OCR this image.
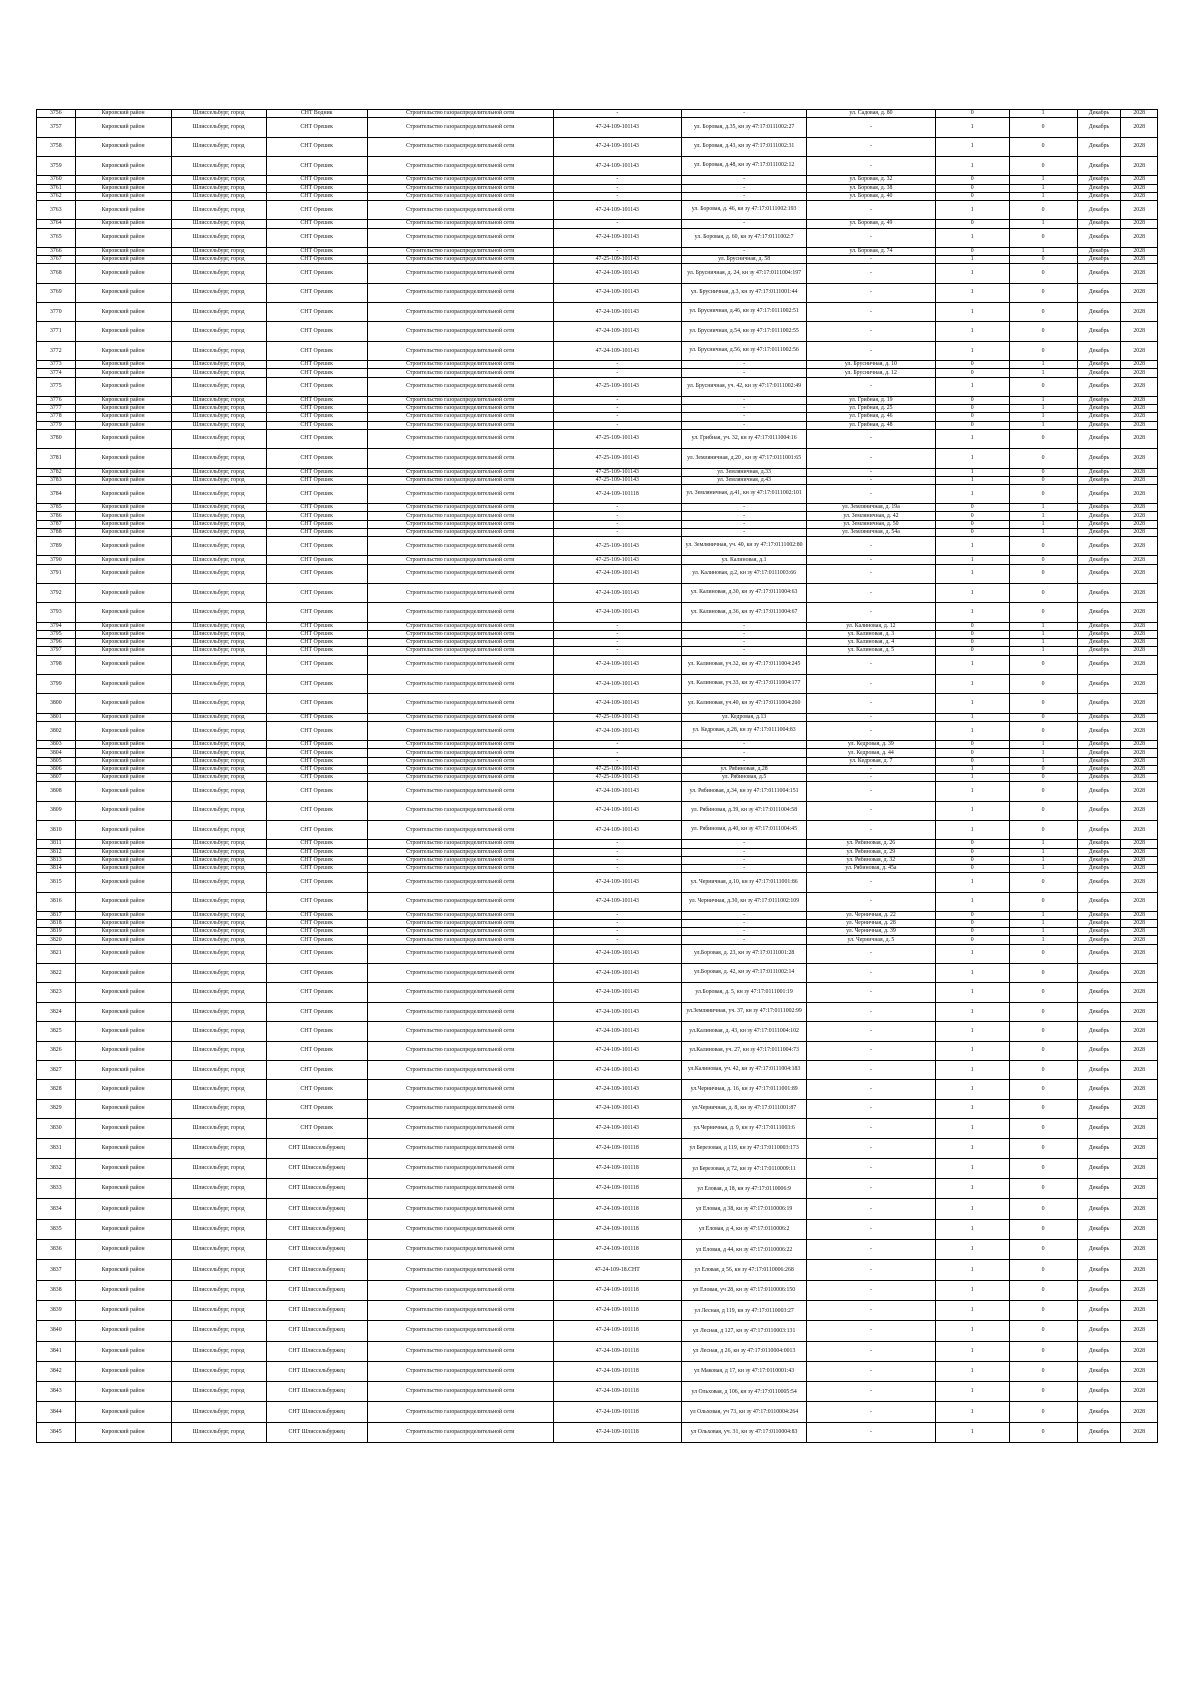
3756	Кировский район	Шлиссельбург, город	СНТ Водник	Строительство газораспределительной сети	-	-	ул. Садовая, д. 80	0	1	Декабрь	2028
3757	Кировский район	Шлиссельбург, город	СНТ Орешек	Строительство газораспределительной сети	47-24-109-101143	ул. Боровая, д.35, кн зу 47:17:0111002:27	-	1	0	Декабрь	2028
3758	Кировский район	Шлиссельбург, город	СНТ Орешек	Строительство газораспределительной сети	47-24-109-101143	ул. Боровая, д.43, кн зу 47:17:0111002:31	-	1	0	Декабрь	2028
3759	Кировский район	Шлиссельбург, город	СНТ Орешек	Строительство газораспределительной сети	47-24-109-101143	ул. Боровая, д.48, кн зу 47:17:0111002:12	-	1	0	Декабрь	2028
3760	Кировский район	Шлиссельбург, город	СНТ Орешек	Строительство газораспределительной сети	-	-	ул. Боровая, д. 32	0	1	Декабрь	2028
3761	Кировский район	Шлиссельбург, город	СНТ Орешек	Строительство газораспределительной сети	-	-	ул. Боровая, д. 38	0	1	Декабрь	2028
3762	Кировский район	Шлиссельбург, город	СНТ Орешек	Строительство газораспределительной сети	-	-	ул. Боровая, д. 40	0	1	Декабрь	2028
3763	Кировский район	Шлиссельбург, город	СНТ Орешек	Строительство газораспределительной сети	47-24-109-101143	ул. Боровая, д. 46, кн зу 47:17:0111002:193	-	1	0	Декабрь	2028
3764	Кировский район	Шлиссельбург, город	СНТ Орешек	Строительство газораспределительной сети	-	-	ул. Боровая, д. 49	0	1	Декабрь	2028
3765	Кировский район	Шлиссельбург, город	СНТ Орешек	Строительство газораспределительной сети	47-24-109-101143	ул. Боровая, д. 60, кн зу 47:17:0111002:7	-	1	0	Декабрь	2028
3766	Кировский район	Шлиссельбург, город	СНТ Орешек	Строительство газораспределительной сети	-	-	ул. Боровая, д. 74	0	1	Декабрь	2028
3767	Кировский район	Шлиссельбург, город	СНТ Орешек	Строительство газораспределительной сети	47-25-109-101143	ул. Брусничная, д. 58	-	1	0	Декабрь	2028
3768	Кировский район	Шлиссельбург, город	СНТ Орешек	Строительство газораспределительной сети	47-24-109-101143	ул. Брусничная, д. 24, кн зу 47:17:0111004:197	-	1	0	Декабрь	2028
3769	Кировский район	Шлиссельбург, город	СНТ Орешек	Строительство газораспределительной сети	47-24-109-101143	ул. Брусничная, д.3, кн зу 47:17:0111001:44	-	1	0	Декабрь	2028
3770	Кировский район	Шлиссельбург, город	СНТ Орешек	Строительство газораспределительной сети	47-24-109-101143	ул. Брусничная, д.46, кн зу 47:17:0111002:51	-	1	0	Декабрь	2028
3771	Кировский район	Шлиссельбург, город	СНТ Орешек	Строительство газораспределительной сети	47-24-109-101143	ул. Брусничная, д.54, кн зу 47:17:0111002:55	-	1	0	Декабрь	2028
3772	Кировский район	Шлиссельбург, город	СНТ Орешек	Строительство газораспределительной сети	47-24-109-101143	ул. Брусничная, д.56, кн зу 47:17:0111002:56	-	1	0	Декабрь	2028
3773	Кировский район	Шлиссельбург, город	СНТ Орешек	Строительство газораспределительной сети	-	-	ул. Брусничная, д. 10	0	1	Декабрь	2028
3774	Кировский район	Шлиссельбург, город	СНТ Орешек	Строительство газораспределительной сети	-	-	ул. Брусничная, д. 12	0	1	Декабрь	2028
3775	Кировский район	Шлиссельбург, город	СНТ Орешек	Строительство газораспределительной сети	47-25-109-101143	ул. Брусничная, уч. 42, кн зу 47:17:0111002:49	-	1	0	Декабрь	2028
3776	Кировский район	Шлиссельбург, город	СНТ Орешек	Строительство газораспределительной сети	-	-	ул. Грибная, д. 19	0	1	Декабрь	2028
3777	Кировский район	Шлиссельбург, город	СНТ Орешек	Строительство газораспределительной сети	-	-	ул. Грибная, д. 25	0	1	Декабрь	2028
3778	Кировский район	Шлиссельбург, город	СНТ Орешек	Строительство газораспределительной сети	-	-	ул. Грибная, д. 46	0	1	Декабрь	2028
3779	Кировский район	Шлиссельбург, город	СНТ Орешек	Строительство газораспределительной сети	-	-	ул. Грибная, д. 48	0	1	Декабрь	2028
3780	Кировский район	Шлиссельбург, город	СНТ Орешек	Строительство газораспределительной сети	47-25-109-101143	ул. Грибная, уч. 32, кн зу 47:17:0111004:16	-	1	0	Декабрь	2028
3781	Кировский район	Шлиссельбург, город	СНТ Орешек	Строительство газораспределительной сети	47-25-109-101143	ул. Земляничная, д.20 , кн зу 47:17:0111001:65	-	1	0	Декабрь	2028
3782	Кировский район	Шлиссельбург, город	СНТ Орешек	Строительство газораспределительной сети	47-25-109-101143	ул. Земляничная, д.33	-	1	0	Декабрь	2028
3783	Кировский район	Шлиссельбург, город	СНТ Орешек	Строительство газораспределительной сети	47-25-109-101143	ул. Земляничная, д.43	-	1	0	Декабрь	2028
3784	Кировский район	Шлиссельбург, город	СНТ Орешек	Строительство газораспределительной сети	47-24-109-101118	ул. Земляничная, д.41, кн зу 47:17:0111002:101	-	1	0	Декабрь	2028
3785	Кировский район	Шлиссельбург, город	СНТ Орешек	Строительство газораспределительной сети	-	-	ул. Земляничная, д. 19а	0	1	Декабрь	2028
3786	Кировский район	Шлиссельбург, город	СНТ Орешек	Строительство газораспределительной сети	-	-	ул. Земляничная, д. 42	0	1	Декабрь	2028
3787	Кировский район	Шлиссельбург, город	СНТ Орешек	Строительство газораспределительной сети	-	-	ул. Земляничная, д. 50	0	1	Декабрь	2028
3788	Кировский район	Шлиссельбург, город	СНТ Орешек	Строительство газораспределительной сети	-	-	ул. Земляничная, д. 54а	0	1	Декабрь	2028
3789	Кировский район	Шлиссельбург, город	СНТ Орешек	Строительство газораспределительной сети	47-25-109-101143	ул. Земляничная, уч. 40, кн зу 47:17:0111002:80	-	1	0	Декабрь	2028
3790	Кировский район	Шлиссельбург, город	СНТ Орешек	Строительство газораспределительной сети	47-25-109-101143	ул. Калиновая, д.1	-	1	0	Декабрь	2028
3791	Кировский район	Шлиссельбург, город	СНТ Орешек	Строительство газораспределительной сети	47-24-109-101143	ул. Калиновая, д.2, кн зу 47:17:0111003:66	-	1	0	Декабрь	2028
3792	Кировский район	Шлиссельбург, город	СНТ Орешек	Строительство газораспределительной сети	47-24-109-101143	ул. Калиновая, д.30, кн зу 47:17:0111004:63	-	1	0	Декабрь	2028
3793	Кировский район	Шлиссельбург, город	СНТ Орешек	Строительство газораспределительной сети	47-24-109-101143	ул. Калиновая, д.36, кн зу 47:17:0111004:67	-	1	0	Декабрь	2028
3794	Кировский район	Шлиссельбург, город	СНТ Орешек	Строительство газораспределительной сети	-	-	ул. Калиновая, д. 12	0	1	Декабрь	2028
3795	Кировский район	Шлиссельбург, город	СНТ Орешек	Строительство газораспределительной сети	-	-	ул. Калиновая, д. 3	0	1	Декабрь	2028
3796	Кировский район	Шлиссельбург, город	СНТ Орешек	Строительство газораспределительной сети	-	-	ул. Калиновая, д. 4	0	1	Декабрь	2028
3797	Кировский район	Шлиссельбург, город	СНТ Орешек	Строительство газораспределительной сети	-	-	ул. Калиновая, д. 5	0	1	Декабрь	2028
3798	Кировский район	Шлиссельбург, город	СНТ Орешек	Строительство газораспределительной сети	47-24-109-101143	ул. Калиновая, уч.32, кн зу 47:17:0111004:245	-	1	0	Декабрь	2028
3799	Кировский район	Шлиссельбург, город	СНТ Орешек	Строительство газораспределительной сети	47-24-109-101143	ул. Калиновая, уч.33, кн зу 47:17:0111004:177	-	1	0	Декабрь	2028
3800	Кировский район	Шлиссельбург, город	СНТ Орешек	Строительство газораспределительной сети	47-24-109-101143	ул. Калиновая, уч.40, кн зу 47:17:0111004:260	-	1	0	Декабрь	2028
3801	Кировский район	Шлиссельбург, город	СНТ Орешек	Строительство газораспределительной сети	47-25-109-101143	ул. Кедровая, д.13	-	1	0	Декабрь	2028
3802	Кировский район	Шлиссельбург, город	СНТ Орешек	Строительство газораспределительной сети	47-24-109-101143	ул. Кедровая, д.28, кн зу 47:17:0111004:83	-	1	0	Декабрь	2028
3803	Кировский район	Шлиссельбург, город	СНТ Орешек	Строительство газораспределительной сети	-	-	ул. Кедровая, д. 39	0	1	Декабрь	2028
3804	Кировский район	Шлиссельбург, город	СНТ Орешек	Строительство газораспределительной сети	-	-	ул. Кедровая, д. 44	0	1	Декабрь	2028
3805	Кировский район	Шлиссельбург, город	СНТ Орешек	Строительство газораспределительной сети	-	-	ул. Кедровая, д. 7	0	1	Декабрь	2028
3806	Кировский район	Шлиссельбург, город	СНТ Орешек	Строительство газораспределительной сети	47-25-109-101143	ул. Рябиновая, д.28	-	1	0	Декабрь	2028
3807	Кировский район	Шлиссельбург, город	СНТ Орешек	Строительство газораспределительной сети	47-25-109-101143	ул. Рябиновая, д.5	-	1	0	Декабрь	2028
3808	Кировский район	Шлиссельбург, город	СНТ Орешек	Строительство газораспределительной сети	47-24-109-101143	ул. Рябиновая, д.34, кн зу 47:17:0111004:151	-	1	0	Декабрь	2028
3809	Кировский район	Шлиссельбург, город	СНТ Орешек	Строительство газораспределительной сети	47-24-109-101143	ул. Рябиновая, д.39, кн зу 47:17:0111004:58	-	1	0	Декабрь	2028
3810	Кировский район	Шлиссельбург, город	СНТ Орешек	Строительство газораспределительной сети	47-24-109-101143	ул. Рябиновая, д.40, кн зу 47:17:0111004:45	-	1	0	Декабрь	2028
3811	Кировский район	Шлиссельбург, город	СНТ Орешек	Строительство газораспределительной сети	-	-	ул. Рябиновая, д. 26	0	1	Декабрь	2028
3812	Кировский район	Шлиссельбург, город	СНТ Орешек	Строительство газораспределительной сети	-	-	ул. Рябиновая, д. 29	0	1	Декабрь	2028
3813	Кировский район	Шлиссельбург, город	СНТ Орешек	Строительство газораспределительной сети	-	-	ул. Рябиновая, д. 32	0	1	Декабрь	2028
3814	Кировский район	Шлиссельбург, город	СНТ Орешек	Строительство газораспределительной сети	-	-	ул. Рябиновая, д. 45а	0	1	Декабрь	2028
3815	Кировский район	Шлиссельбург, город	СНТ Орешек	Строительство газораспределительной сети	47-24-109-101143	ул. Черничная, д.10, кн зу 47:17:0111001:86	-	1	0	Декабрь	2028
3816	Кировский район	Шлиссельбург, город	СНТ Орешек	Строительство газораспределительной сети	47-24-109-101143	ул. Черничная, д.30, кн зу 47:17:0111002:109	-	1	0	Декабрь	2028
3817	Кировский район	Шлиссельбург, город	СНТ Орешек	Строительство газораспределительной сети	-	-	ул. Черничная, д. 22	0	1	Декабрь	2028
3818	Кировский район	Шлиссельбург, город	СНТ Орешек	Строительство газораспределительной сети	-	-	ул. Черничная, д. 28	0	1	Декабрь	2028
3819	Кировский район	Шлиссельбург, город	СНТ Орешек	Строительство газораспределительной сети	-	-	ул. Черничная, д. 39	0	1	Декабрь	2028
3820	Кировский район	Шлиссельбург, город	СНТ Орешек	Строительство газораспределительной сети	-	-	ул. Черничная, д. 5	0	1	Декабрь	2028
3821	Кировский район	Шлиссельбург, город	СНТ Орешек	Строительство газораспределительной сети	47-24-109-101143	ул.Боровая, д. 23, кн зу 47:17:0111001:28	-	1	0	Декабрь	2028
3822	Кировский район	Шлиссельбург, город	СНТ Орешек	Строительство газораспределительной сети	47-24-109-101143	ул.Боровая, д. 42, кн зу 47:17:0111002:14	-	1	0	Декабрь	2028
3823	Кировский район	Шлиссельбург, город	СНТ Орешек	Строительство газораспределительной сети	47-24-109-101143	ул.Боровая, д. 5, кн зу 47:17:0111001:19	-	1	0	Декабрь	2028
3824	Кировский район	Шлиссельбург, город	СНТ Орешек	Строительство газораспределительной сети	47-24-109-101143	ул.Земляничная, уч. 37, кн зу 47:17:0111002:99	-	1	0	Декабрь	2028
3825	Кировский район	Шлиссельбург, город	СНТ Орешек	Строительство газораспределительной сети	47-24-109-101143	ул.Калиновая, д. 43, кн зу 47:17:0111004:102	-	1	0	Декабрь	2028
3826	Кировский район	Шлиссельбург, город	СНТ Орешек	Строительство газораспределительной сети	47-24-109-101143	ул.Калиновая, уч. 27, кн зу 47:17:0111004:73	-	1	0	Декабрь	2028
3827	Кировский район	Шлиссельбург, город	СНТ Орешек	Строительство газораспределительной сети	47-24-109-101143	ул.Калиновая, уч. 42, кн зу 47:17:0111004:183	-	1	0	Декабрь	2028
3828	Кировский район	Шлиссельбург, город	СНТ Орешек	Строительство газораспределительной сети	47-24-109-101143	ул.Черничная, д. 16, кн зу 47:17:0111001:89	-	1	0	Декабрь	2028
3829	Кировский район	Шлиссельбург, город	СНТ Орешек	Строительство газораспределительной сети	47-24-109-101143	ул.Черничная, д. 8, кн зу 47:17:0111001:87	-	1	0	Декабрь	2028
3830	Кировский район	Шлиссельбург, город	СНТ Орешек	Строительство газораспределительной сети	47-24-109-101143	ул.Черничная, д. 9, кн зу 47:17:0111003:6	-	1	0	Декабрь	2028
3831	Кировский район	Шлиссельбург, город	СНТ Шлиссельбуржец	Строительство газораспределительной сети	47-24-109-101118	ул Березовая, д 119, кн зу 47:17:0110003:173	-	1	0	Декабрь	2028
3832	Кировский район	Шлиссельбург, город	СНТ Шлиссельбуржец	Строительство газораспределительной сети	47-24-109-101118	ул Березовая, д 72, кн зу 47:17:0110009:11	-	1	0	Декабрь	2028
3833	Кировский район	Шлиссельбург, город	СНТ Шлиссельбуржец	Строительство газораспределительной сети	47-24-109-101118	ул Еловая, д 18, кн зу 47:17:0110006:9	-	1	0	Декабрь	2028
3834	Кировский район	Шлиссельбург, город	СНТ Шлиссельбуржец	Строительство газораспределительной сети	47-24-109-101118	ул Еловая, д 38, кн зу 47:17:0110006:19	-	1	0	Декабрь	2028
3835	Кировский район	Шлиссельбург, город	СНТ Шлиссельбуржец	Строительство газораспределительной сети	47-24-109-101118	ул Еловая, д 4, кн зу 47:17:0110006:2	-	1	0	Декабрь	2028
3836	Кировский район	Шлиссельбург, город	СНТ Шлиссельбуржец	Строительство газораспределительной сети	47-24-109-101118	ул Еловая, д 44, кн зу 47:17:0110006:22	-	1	0	Декабрь	2028
3837	Кировский район	Шлиссельбург, город	СНТ Шлиссельбуржец	Строительство газораспределительной сети	47-24-109-18.СНТ	ул Еловая, д 56, кн зу 47:17:0110006:268	-	1	0	Декабрь	2028
3838	Кировский район	Шлиссельбург, город	СНТ Шлиссельбуржец	Строительство газораспределительной сети	47-24-109-101118	ул Еловая, уч 28, кн зу 47:17:0110006:150	-	1	0	Декабрь	2028
3839	Кировский район	Шлиссельбург, город	СНТ Шлиссельбуржец	Строительство газораспределительной сети	47-24-109-101118	ул Лесная, д 119, кн зу 47:17:0110003:27	-	1	0	Декабрь	2028
3840	Кировский район	Шлиссельбург, город	СНТ Шлиссельбуржец	Строительство газораспределительной сети	47-24-109-101118	ул Лесная, д 127, кн зу 47:17:0110003:131	-	1	0	Декабрь	2028
3841	Кировский район	Шлиссельбург, город	СНТ Шлиссельбуржец	Строительство газораспределительной сети	47-24-109-101118	ул Лесная, д 26, кн зу 47:17:0110004:0013	-	1	0	Декабрь	2028
3842	Кировский район	Шлиссельбург, город	СНТ Шлиссельбуржец	Строительство газораспределительной сети	47-24-109-101118	ул Маковая, д 17, кн зу 47:17:0110001:43	-	1	0	Декабрь	2028
3843	Кировский район	Шлиссельбург, город	СНТ Шлиссельбуржец	Строительство газораспределительной сети	47-24-109-101118	ул Ольховая, д 106, кн зу 47:17:0110005:54	-	1	0	Декабрь	2028
3844	Кировский район	Шлиссельбург, город	СНТ Шлиссельбуржец	Строительство газораспределительной сети	47-24-109-101118	ул Ольховая, уч 73, кн зу 47:17:0110004:264	-	1	0	Декабрь	2028
3845	Кировский район	Шлиссельбург, город	СНТ Шлиссельбуржец	Строительство газораспределительной сети	47-24-109-101118	ул Ольховая, уч. 31, кн зу 47:17:0110004:83	-	1	0	Декабрь	2028
